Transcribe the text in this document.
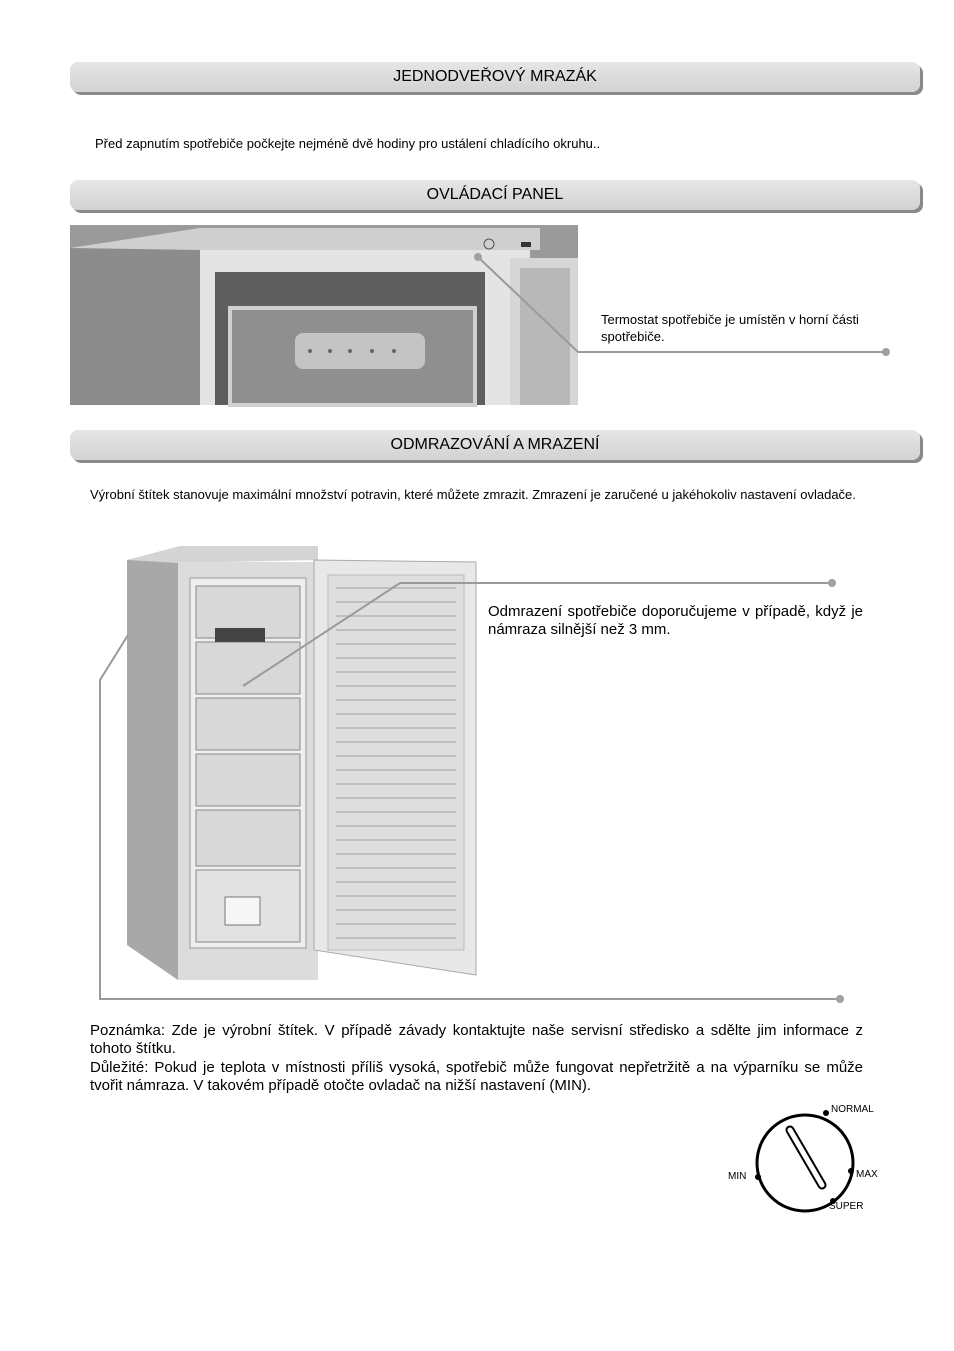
JEDNODVEŘOVÝ MRAZÁK
Před zapnutím spotřebiče počkejte nejméně dvě hodiny pro ustálení chladícího okruhu..
OVLÁDACÍ PANEL
Termostat spotřebiče je umístěn v horní části spotřebiče.
ODMRAZOVÁNÍ A MRAZENÍ
Výrobní štítek stanovuje maximální množství potravin, které můžete zmrazit. Zmrazení je zaručené u jakéhokoliv nastavení ovladače.
Odmrazení spotřebiče doporučujeme v případě, když je námraza silnější než 3 mm.
Poznámka: Zde je výrobní štítek. V případě závady kontaktujte naše servisní středisko a sdělte jim informace z tohoto štítku.
Důležité: Pokud je teplota v místnosti příliš vysoká, spotřebič může fungovat nepřetržitě a na výparníku se může tvořit námraza. V takovém případě otočte ovladač na nižší nastavení (MIN).
NORMAL
MAX
SUPER
MIN
